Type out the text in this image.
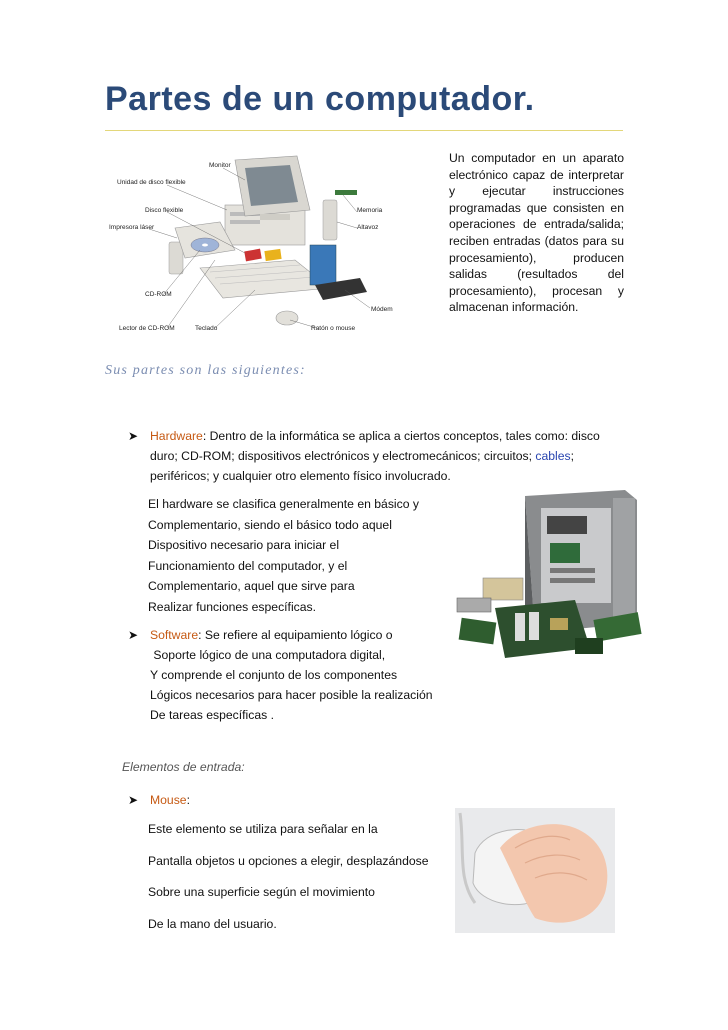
Partes de un computador.
Monitor
Unidad de disco flexible
Disco flexible
Impresora láser
CD-ROM
Lector de CD-ROM	Teclado	Ratón o mouse
Memoria
Altavoz
Módem
Un computador en un aparato electrónico capaz de interpretar y ejecutar instrucciones programadas que consisten en operaciones de entrada/salida; reciben entradas (datos para su procesamiento), producen salidas (resultados del procesamiento), procesan y almacenan información.
Sus partes son las siguientes:
➤ Hardware: Dentro de la informática se aplica a ciertos conceptos, tales como: disco
duro; CD-ROM; dispositivos electrónicos y electromecánicos; circuitos; cables;
periféricos; y cualquier otro elemento físico involucrado.
El hardware se clasifica generalmente en básico y
Complementario, siendo el básico todo aquel
Dispositivo necesario para iniciar el
Funcionamiento del computador, y el
Complementario, aquel que sirve para
Realizar funciones específicas.
➤ Software: Se refiere al equipamiento lógico o
Soporte lógico de una computadora digital,
Y comprende el conjunto de los componentes
Lógicos necesarios para hacer posible la realización
De tareas específicas .
Elementos de entrada:
➤ Mouse:
Este elemento se utiliza para señalar en la
Pantalla objetos u opciones a elegir, desplazándose
Sobre una superficie según el movimiento
De la mano del usuario.
